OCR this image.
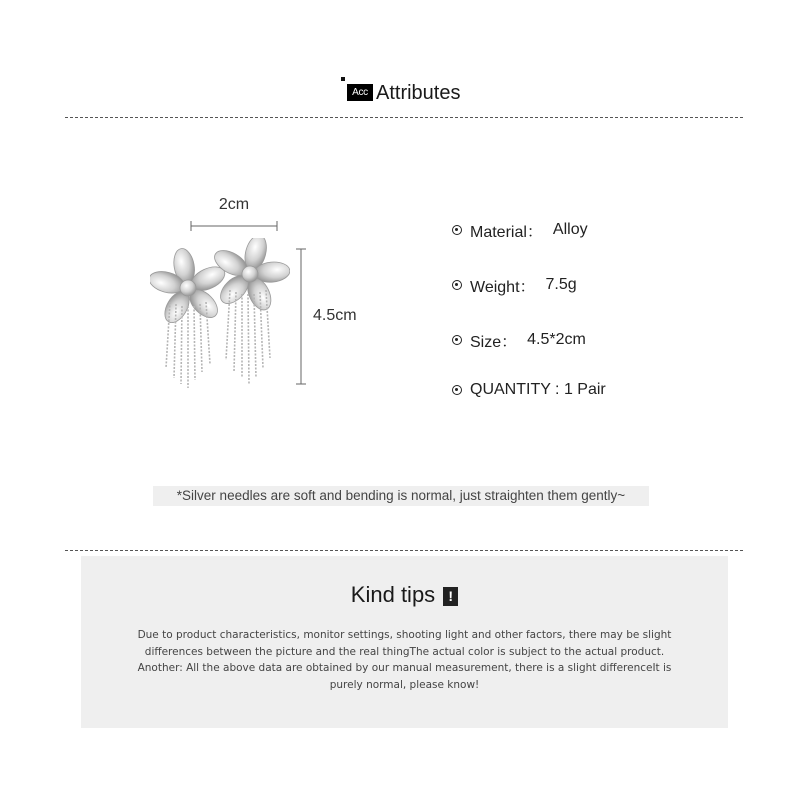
Acc Attributes
2cm
4.5cm
Material： Alloy
Weight： 7.5g
Size： 4.5*2cm
QUANTITY : 1 Pair
*Silver needles are soft and bending is normal, just straighten them gently~
Kind tips !
Due to product characteristics, monitor settings, shooting light and other factors, there may be slight
differences between the picture and the real thingThe actual color is subject to the actual product.
Another: All the above data are obtained by our manual measurement, there is a slight differenceIt is
purely normal, please know!
